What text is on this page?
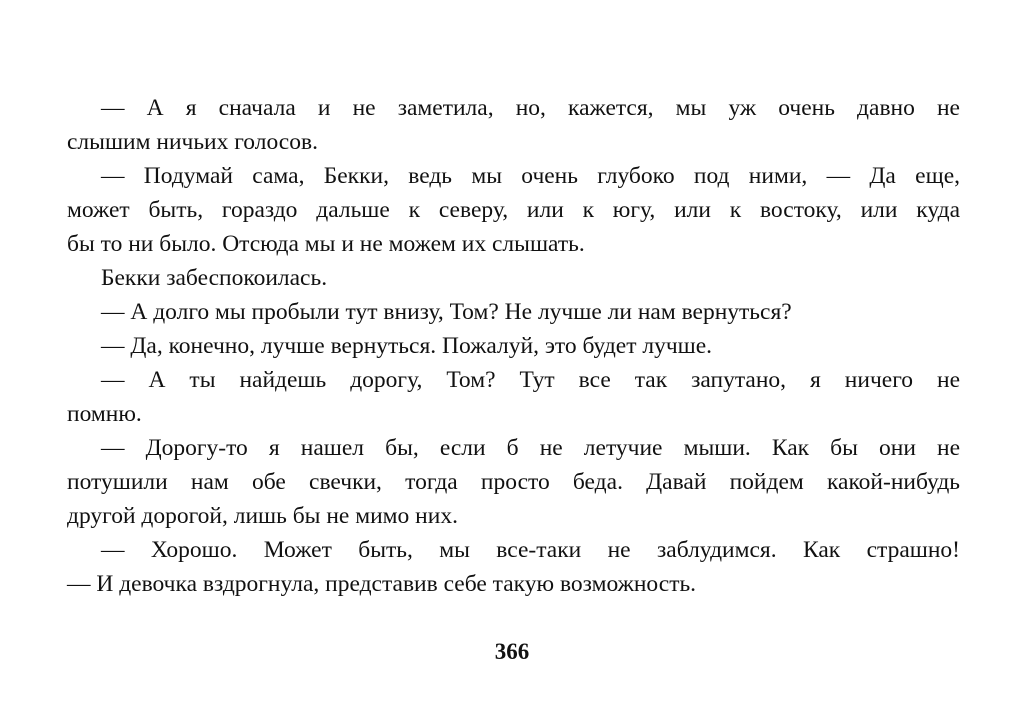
— А я сначала и не заметила, но, кажется, мы уж очень давно не
слышим ничьих голосов.
— Подумай сама, Бекки, ведь мы очень глубоко под ними, — Да еще,
может быть, гораздо дальше к северу, или к югу, или к востоку, или куда
бы то ни было. Отсюда мы и не можем их слышать.
Бекки забеспокоилась.
— А долго мы пробыли тут внизу, Том? Не лучше ли нам вернуться?
— Да, конечно, лучше вернуться. Пожалуй, это будет лучше.
— А ты найдешь дорогу, Том? Тут все так запутано, я ничего не
помню.
— Дорогу-то я нашел бы, если б не летучие мыши. Как бы они не
потушили нам обе свечки, тогда просто беда. Давай пойдем какой-нибудь
другой дорогой, лишь бы не мимо них.
— Хорошо. Может быть, мы все-таки не заблудимся. Как страшно!
— И девочка вздрогнула, представив себе такую возможность.
366
